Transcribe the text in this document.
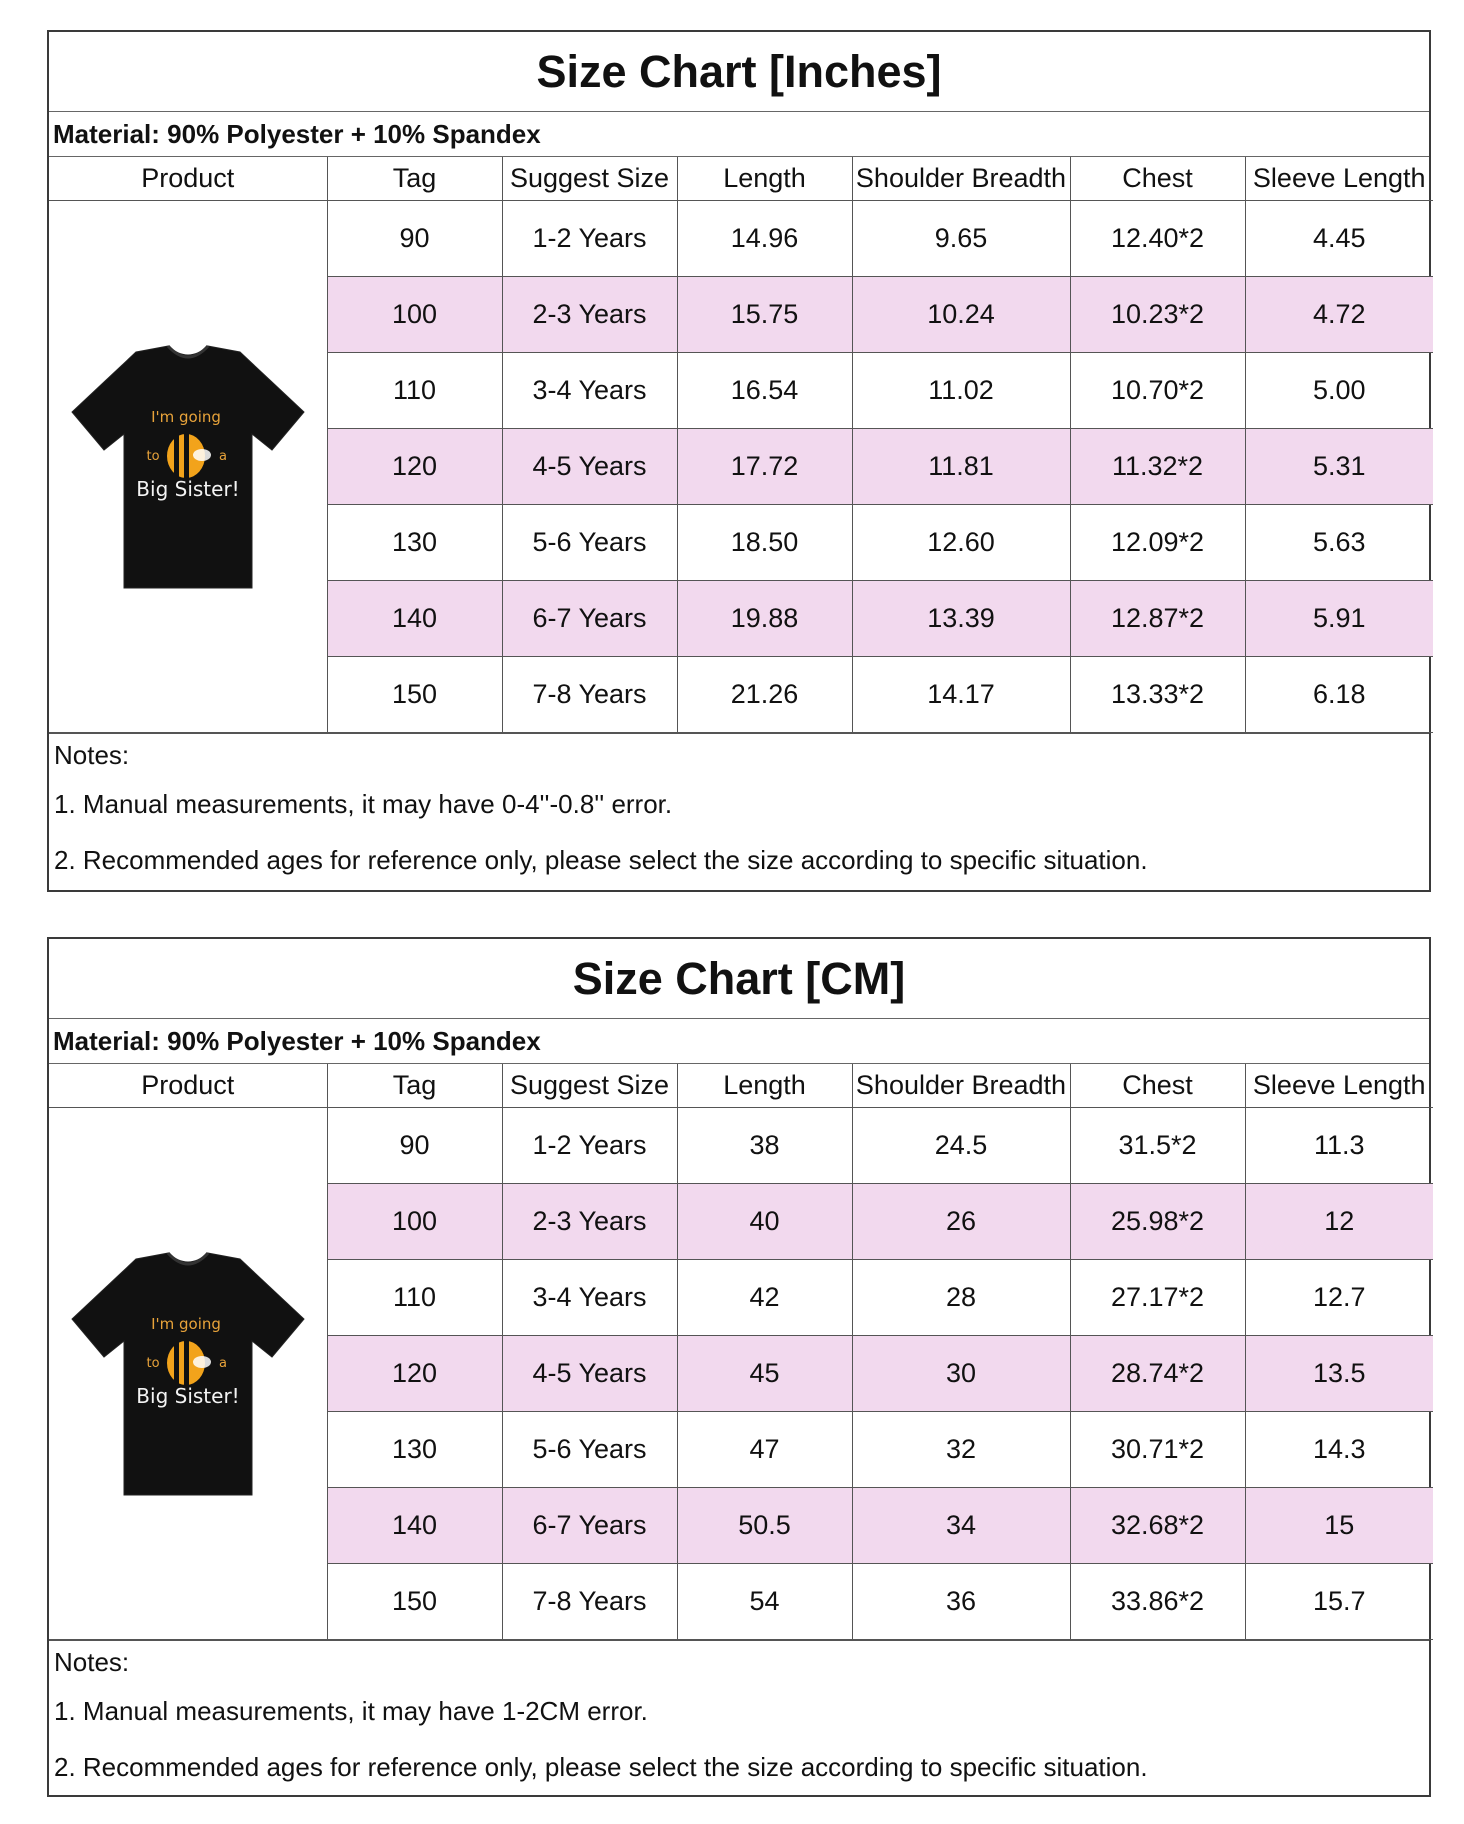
Size Chart [Inches]
Material: 90% Polyester + 10% Spandex
Product	Tag	Suggest Size	Length	Shoulder Breadth	Chest	Sleeve Length

I'm going
to a
Big Sister!	90	1-2 Years	14.96	9.65	12.40*2	4.45
	100	2-3 Years	15.75	10.24	10.23*2	4.72
	110	3-4 Years	16.54	11.02	10.70*2	5.00
	120	4-5 Years	17.72	11.81	11.32*2	5.31
	130	5-6 Years	18.50	12.60	12.09*2	5.63
	140	6-7 Years	19.88	13.39	12.87*2	5.91
	150	7-8 Years	21.26	14.17	13.33*2	6.18
Notes:
1. Manual measurements, it may have 0-4''-0.8'' error.
2. Recommended ages for reference only, please select the size according to specific situation.
Size Chart [CM]
Material: 90% Polyester + 10% Spandex
Product	Tag	Suggest Size	Length	Shoulder Breadth	Chest	Sleeve Length

I'm going
to a
Big Sister!	90	1-2 Years	38	24.5	31.5*2	11.3
	100	2-3 Years	40	26	25.98*2	12
	110	3-4 Years	42	28	27.17*2	12.7
	120	4-5 Years	45	30	28.74*2	13.5
	130	5-6 Years	47	32	30.71*2	14.3
	140	6-7 Years	50.5	34	32.68*2	15
	150	7-8 Years	54	36	33.86*2	15.7
Notes:
1. Manual measurements, it may have 1-2CM error.
2. Recommended ages for reference only, please select the size according to specific situation.
